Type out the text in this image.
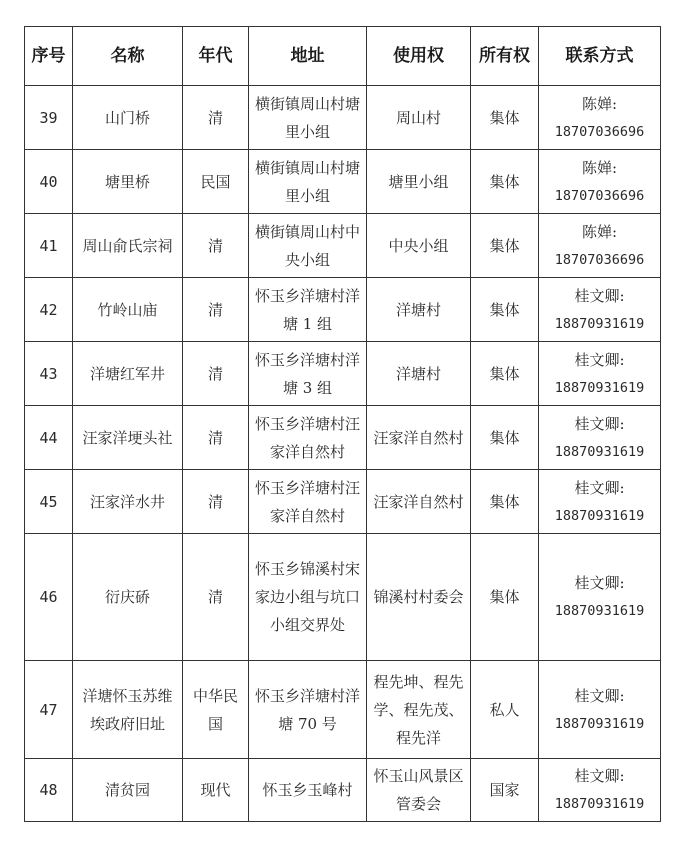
序号	名称	年代	地址	使用权	所有权	联系方式
39	山门桥	清	横街镇周山村塘里小组	周山村	集体	陈婵:
18707036696

40	塘里桥	民国	横街镇周山村塘里小组	塘里小组	集体	陈婵:
18707036696

41	周山俞氏宗祠	清	横街镇周山村中央小组	中央小组	集体	陈婵:
18707036696

42	竹岭山庙	清	怀玉乡洋塘村洋塘 1 组	洋塘村	集体	桂文卿:
18870931619

43	洋塘红军井	清	怀玉乡洋塘村洋塘 3 组	洋塘村	集体	桂文卿:
18870931619

44	汪家洋埂头社	清	怀玉乡洋塘村汪家洋自然村	汪家洋自然村	集体	桂文卿:
18870931619

45	汪家洋水井	清	怀玉乡洋塘村汪家洋自然村	汪家洋自然村	集体	桂文卿:
18870931619

46	衍庆硚	清	怀玉乡锦溪村宋家边小组与坑口小组交界处	锦溪村村委会	集体	桂文卿:
18870931619

47	洋塘怀玉苏维埃政府旧址	中华民国	怀玉乡洋塘村洋塘 70 号	程先坤、程先学、程先茂、程先洋	私人	桂文卿:
18870931619

48	清贫园	现代	怀玉乡玉峰村	怀玉山风景区管委会	国家	桂文卿:
18870931619
